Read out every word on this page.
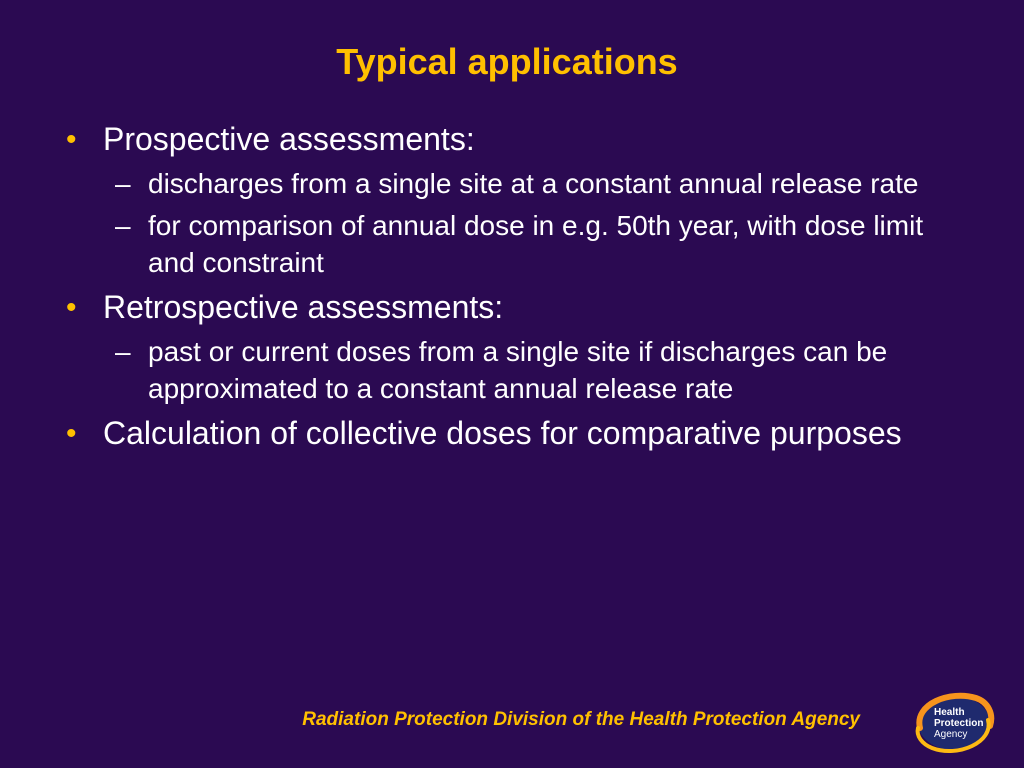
Typical applications
• Prospective assessments:
– discharges from a single site at a constant annual release rate
– for comparison of annual dose in e.g. 50th year, with dose limit and constraint
• Retrospective assessments:
– past or current doses from a single site if discharges can be approximated to a constant annual release rate
• Calculation of collective doses for comparative purposes
Radiation Protection Division of the Health Protection Agency	Health
Protection
Agency
